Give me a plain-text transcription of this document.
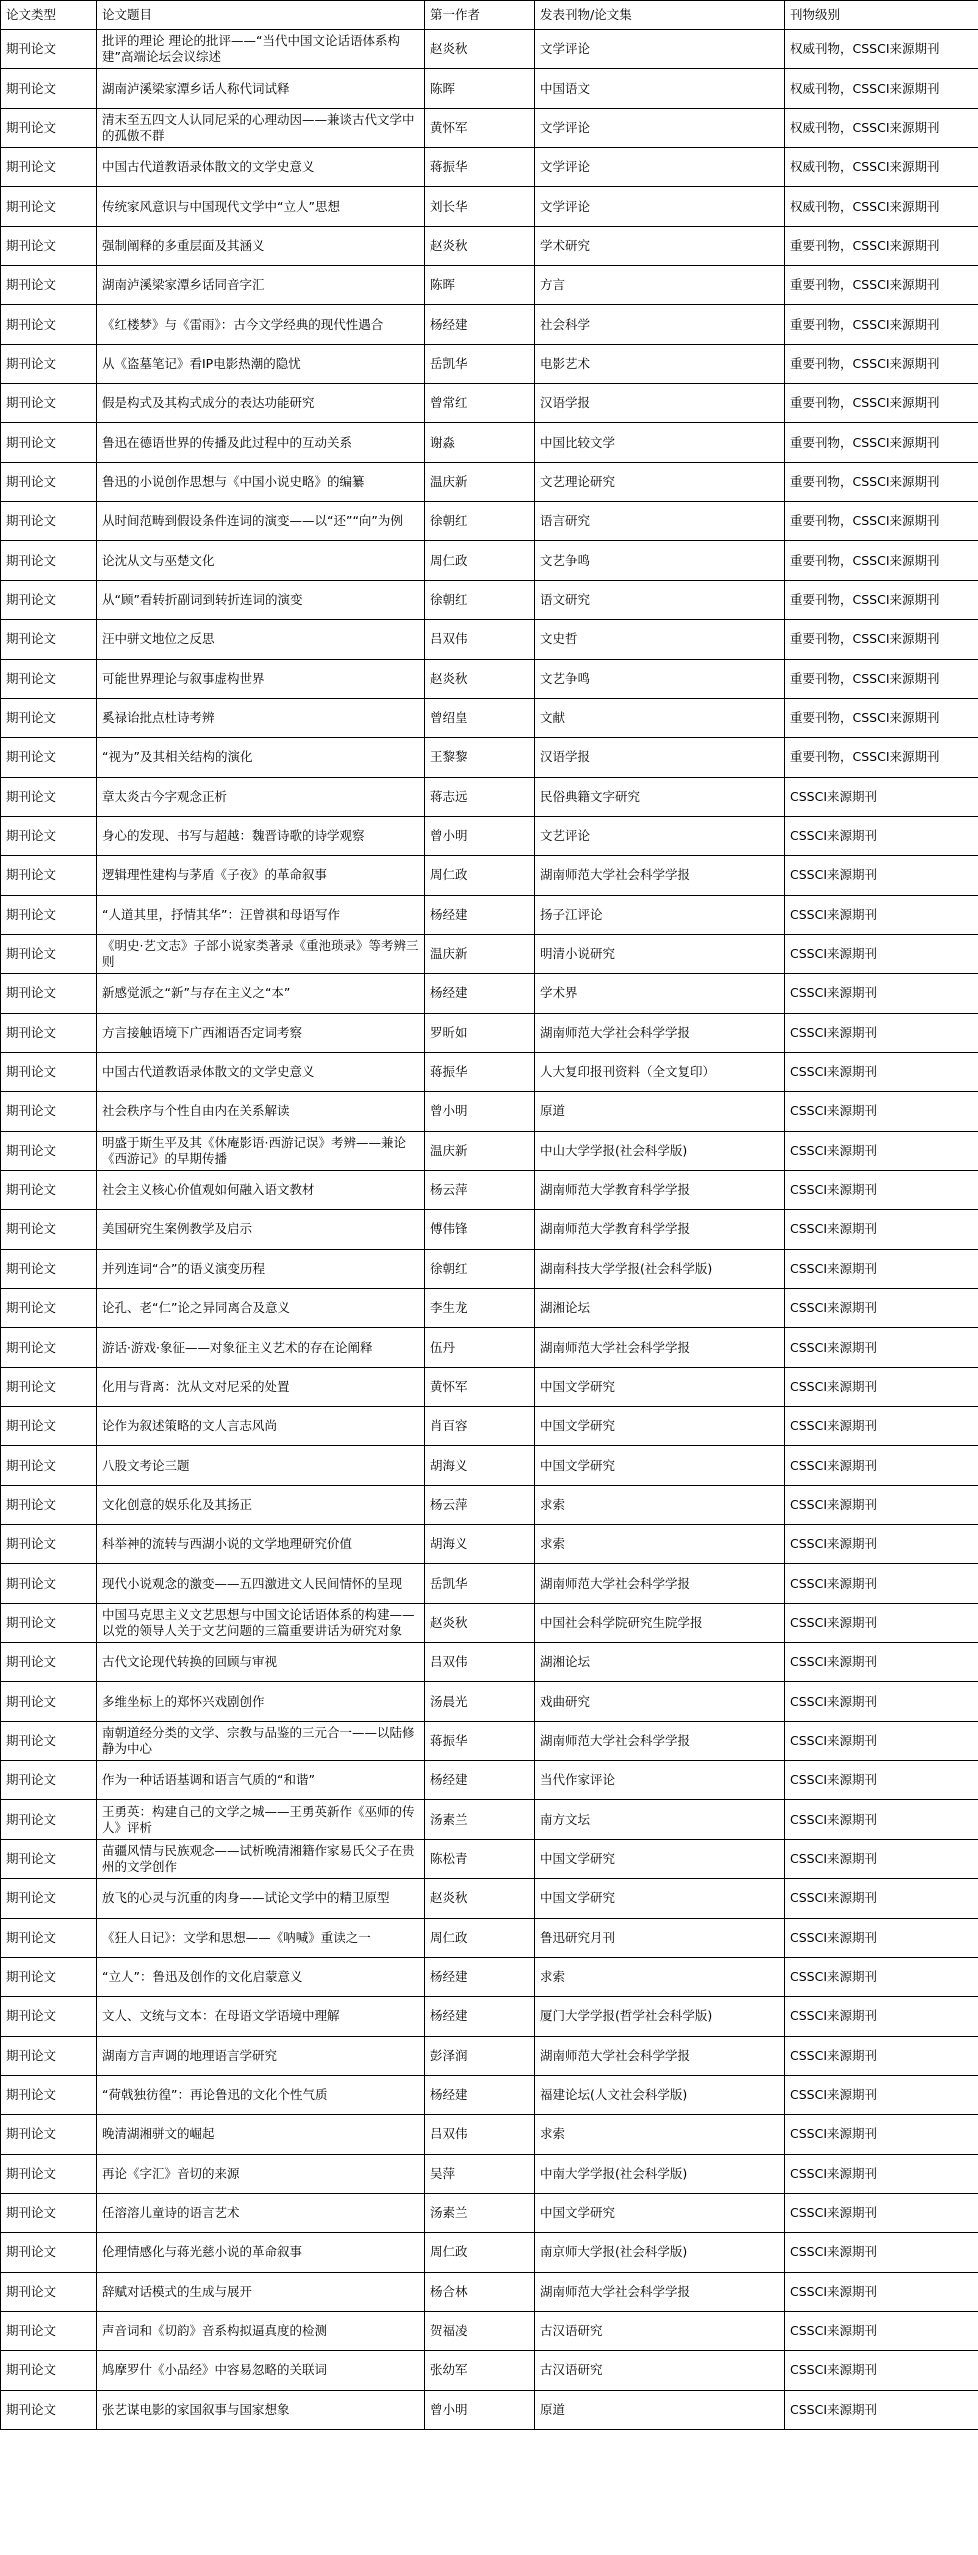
论文类型	论文题目	第一作者	发表刊物/论文集	刊物级别
期刊论文	批评的理论 理论的批评——“当代中国文论话语体系构建”高端论坛会议综述	赵炎秋	文学评论	权威刊物，CSSCI来源期刊
期刊论文	湖南泸溪梁家潭乡话人称代词试释	陈晖	中国语文	权威刊物，CSSCI来源期刊
期刊论文	清末至五四文人认同尼采的心理动因——兼谈古代文学中的孤傲不群	黄怀军	文学评论	权威刊物，CSSCI来源期刊
期刊论文	中国古代道教语录体散文的文学史意义	蒋振华	文学评论	权威刊物，CSSCI来源期刊
期刊论文	传统家风意识与中国现代文学中“立人”思想	刘长华	文学评论	权威刊物，CSSCI来源期刊
期刊论文	强制阐释的多重层面及其涵义	赵炎秋	学术研究	重要刊物，CSSCI来源期刊
期刊论文	湖南泸溪梁家潭乡话同音字汇	陈晖	方言	重要刊物，CSSCI来源期刊
期刊论文	《红楼梦》与《雷雨》：古今文学经典的现代性遇合	杨经建	社会科学	重要刊物，CSSCI来源期刊
期刊论文	从《盗墓笔记》看IP电影热潮的隐忧	岳凯华	电影艺术	重要刊物，CSSCI来源期刊
期刊论文	假是构式及其构式成分的表达功能研究	曾常红	汉语学报	重要刊物，CSSCI来源期刊
期刊论文	鲁迅在德语世界的传播及此过程中的互动关系	谢淼	中国比较文学	重要刊物，CSSCI来源期刊
期刊论文	鲁迅的小说创作思想与《中国小说史略》的编纂	温庆新	文艺理论研究	重要刊物，CSSCI来源期刊
期刊论文	从时间范畴到假设条件连词的演变——以“还”“向”为例	徐朝红	语言研究	重要刊物，CSSCI来源期刊
期刊论文	论沈从文与巫楚文化	周仁政	文艺争鸣	重要刊物，CSSCI来源期刊
期刊论文	从“顾”看转折副词到转折连词的演变	徐朝红	语文研究	重要刊物，CSSCI来源期刊
期刊论文	汪中骈文地位之反思	吕双伟	文史哲	重要刊物，CSSCI来源期刊
期刊论文	可能世界理论与叙事虚构世界	赵炎秋	文艺争鸣	重要刊物，CSSCI来源期刊
期刊论文	奚禄诒批点杜诗考辨	曾绍皇	文献	重要刊物，CSSCI来源期刊
期刊论文	“视为”及其相关结构的演化	王黎黎	汉语学报	重要刊物，CSSCI来源期刊
期刊论文	章太炎古今字观念正析	蒋志远	民俗典籍文字研究	CSSCI来源期刊
期刊论文	身心的发现、书写与超越：魏晋诗歌的诗学观察	曾小明	文艺评论	CSSCI来源期刊
期刊论文	逻辑理性建构与茅盾《子夜》的革命叙事	周仁政	湖南师范大学社会科学学报	CSSCI来源期刊
期刊论文	“人道其里，抒情其华”：汪曾祺和母语写作	杨经建	扬子江评论	CSSCI来源期刊
期刊论文	《明史·艺文志》子部小说家类著录《重池琐录》等考辨三则	温庆新	明清小说研究	CSSCI来源期刊
期刊论文	新感觉派之“新”与存在主义之“本”	杨经建	学术界	CSSCI来源期刊
期刊论文	方言接触语境下广西湘语否定词考察	罗昕如	湖南师范大学社会科学学报	CSSCI来源期刊
期刊论文	中国古代道教语录体散文的文学史意义	蒋振华	人大复印报刊资料（全文复印）	CSSCI来源期刊
期刊论文	社会秩序与个性自由内在关系解读	曾小明	原道	CSSCI来源期刊
期刊论文	明盛于斯生平及其《休庵影语·西游记误》考辨——兼论《西游记》的早期传播	温庆新	中山大学学报(社会科学版)	CSSCI来源期刊
期刊论文	社会主义核心价值观如何融入语文教材	杨云萍	湖南师范大学教育科学学报	CSSCI来源期刊
期刊论文	美国研究生案例教学及启示	傅伟锋	湖南师范大学教育科学学报	CSSCI来源期刊
期刊论文	并列连词“合”的语义演变历程	徐朝红	湖南科技大学学报(社会科学版)	CSSCI来源期刊
期刊论文	论孔、老“仁”论之异同离合及意义	李生龙	湖湘论坛	CSSCI来源期刊
期刊论文	游话·游戏·象征——对象征主义艺术的存在论阐释	伍丹	湖南师范大学社会科学学报	CSSCI来源期刊
期刊论文	化用与背离：沈从文对尼采的处置	黄怀军	中国文学研究	CSSCI来源期刊
期刊论文	论作为叙述策略的文人言志风尚	肖百容	中国文学研究	CSSCI来源期刊
期刊论文	八股文考论三题	胡海义	中国文学研究	CSSCI来源期刊
期刊论文	文化创意的娱乐化及其扬正	杨云萍	求索	CSSCI来源期刊
期刊论文	科举神的流转与西湖小说的文学地理研究价值	胡海义	求索	CSSCI来源期刊
期刊论文	现代小说观念的激变——五四激进文人民间情怀的呈现	岳凯华	湖南师范大学社会科学学报	CSSCI来源期刊
期刊论文	中国马克思主义文艺思想与中国文论话语体系的构建——以党的领导人关于文艺问题的三篇重要讲话为研究对象	赵炎秋	中国社会科学院研究生院学报	CSSCI来源期刊
期刊论文	古代文论现代转换的回顾与审视	吕双伟	湖湘论坛	CSSCI来源期刊
期刊论文	多维坐标上的郑怀兴戏剧创作	汤晨光	戏曲研究	CSSCI来源期刊
期刊论文	南朝道经分类的文学、宗教与品鉴的三元合一——以陆修静为中心	蒋振华	湖南师范大学社会科学学报	CSSCI来源期刊
期刊论文	作为一种话语基调和语言气质的“和谐”	杨经建	当代作家评论	CSSCI来源期刊
期刊论文	王勇英：构建自己的文学之城——王勇英新作《巫师的传人》评析	汤素兰	南方文坛	CSSCI来源期刊
期刊论文	苗疆风情与民族观念——试析晚清湘籍作家易氏父子在贵州的文学创作	陈松青	中国文学研究	CSSCI来源期刊
期刊论文	放飞的心灵与沉重的肉身——试论文学中的精卫原型	赵炎秋	中国文学研究	CSSCI来源期刊
期刊论文	《狂人日记》：文学和思想——《呐喊》重读之一	周仁政	鲁迅研究月刊	CSSCI来源期刊
期刊论文	“立人”：鲁迅及创作的文化启蒙意义	杨经建	求索	CSSCI来源期刊
期刊论文	文人、文统与文本：在母语文学语境中理解	杨经建	厦门大学学报(哲学社会科学版)	CSSCI来源期刊
期刊论文	湖南方言声调的地理语言学研究	彭泽润	湖南师范大学社会科学学报	CSSCI来源期刊
期刊论文	“荷戟独彷徨”：再论鲁迅的文化个性气质	杨经建	福建论坛(人文社会科学版)	CSSCI来源期刊
期刊论文	晚清湖湘骈文的崛起	吕双伟	求索	CSSCI来源期刊
期刊论文	再论《字汇》音切的来源	吴萍	中南大学学报(社会科学版)	CSSCI来源期刊
期刊论文	任溶溶儿童诗的语言艺术	汤素兰	中国文学研究	CSSCI来源期刊
期刊论文	伦理情感化与蒋光慈小说的革命叙事	周仁政	南京师大学报(社会科学版)	CSSCI来源期刊
期刊论文	辞赋对话模式的生成与展开	杨合林	湖南师范大学社会科学学报	CSSCI来源期刊
期刊论文	声音词和《切韵》音系构拟逼真度的检测	贺福凌	古汉语研究	CSSCI来源期刊
期刊论文	鸠摩罗什《小品经》中容易忽略的关联词	张幼军	古汉语研究	CSSCI来源期刊
期刊论文	张艺谋电影的家国叙事与国家想象	曾小明	原道	CSSCI来源期刊
